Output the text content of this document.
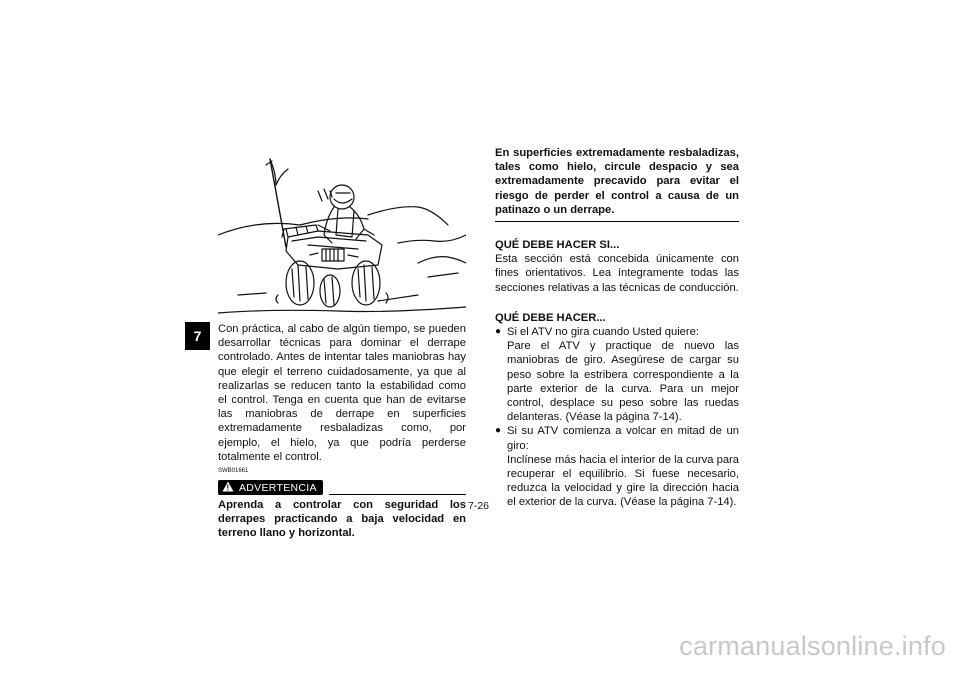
7 Con práctica, al cabo de algún tiempo, se pueden desarrollar técnicas para dominar el derrape controlado. Antes de intentar tales maniobras hay que elegir el terreno cuidadosamente, ya que al realizarlas se reducen tanto la estabilidad como el control. Tenga en cuenta que han de evitarse las maniobras de derrape en superficies extremadamente resbaladizas como, por ejemplo, el hielo, ya que podría perderse totalmente el control.

SWB01661

! ADVERTENCIA

Aprenda a controlar con seguridad los derrapes practicando a baja velocidad en terreno llano y horizontal.

En superficies extremadamente resbaladizas, tales como hielo, circule despacio y sea extremadamente precavido para evitar el riesgo de perder el control a causa de un patinazo o un derrape.

QUÉ DEBE HACER SI...

Esta sección está concebida únicamente con fines orientativos. Lea íntegramente todas las secciones relativas a las técnicas de conducción.

QUÉ DEBE HACER...
● Si el ATV no gira cuando Usted quiere:

Pare el ATV y practique de nuevo las maniobras de giro. Asegúrese de cargar su peso sobre la estribera correspondiente a la parte exterior de la curva. Para un mejor control, desplace su peso sobre las ruedas delanteras. (Véase la página 7-14).

● Si su ATV comienza a volcar en mitad de un giro:

Inclínese más hacia el interior de la curva para recuperar el equilibrio. Si fuese necesario, reduzca la velocidad y gire la dirección hacia el exterior de la curva. (Véase la página 7-14).

7-26
carmanualsonline.info
